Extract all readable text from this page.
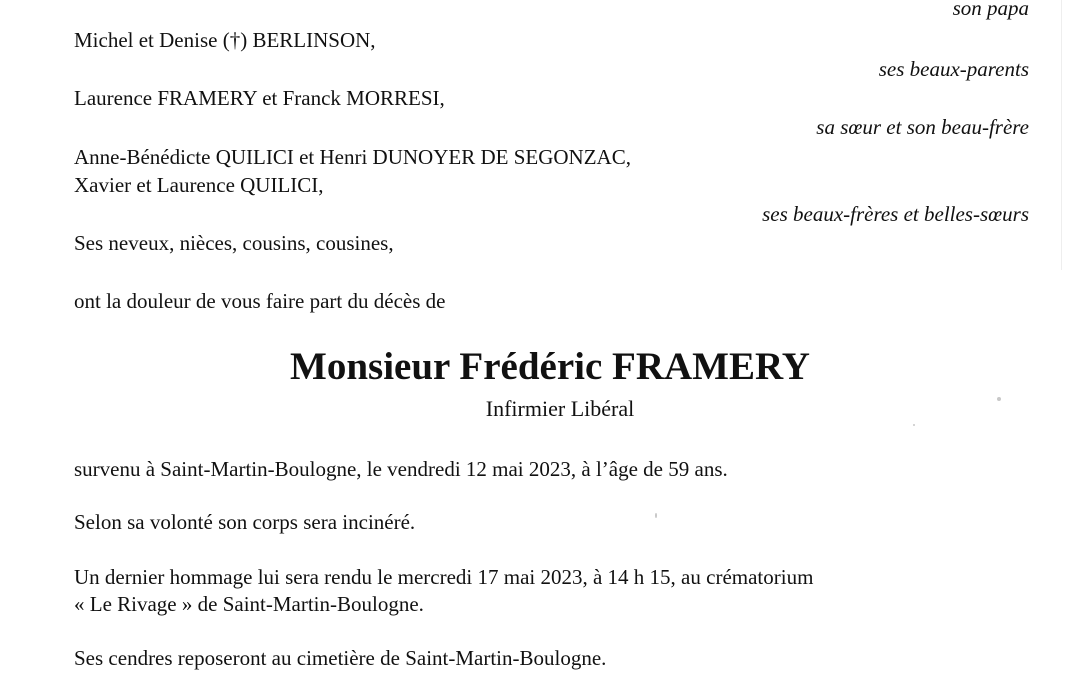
son papa
Michel et Denise (†) BERLINSON,
ses beaux-parents
Laurence FRAMERY et Franck MORRESI,
sa sœur et son beau-frère
Anne-Bénédicte QUILICI et Henri DUNOYER DE SEGONZAC,
Xavier et Laurence QUILICI,
ses beaux-frères et belles-sœurs
Ses neveux, nièces, cousins, cousines,
ont la douleur de vous faire part du décès de
Monsieur Frédéric FRAMERY
Infirmier Libéral
survenu à Saint-Martin-Boulogne, le vendredi 12 mai 2023, à l’âge de 59 ans.
Selon sa volonté son corps sera incinéré.
Un dernier hommage lui sera rendu le mercredi 17 mai 2023, à 14 h 15, au crématorium
« Le Rivage » de Saint-Martin-Boulogne.
Ses cendres reposeront au cimetière de Saint-Martin-Boulogne.
